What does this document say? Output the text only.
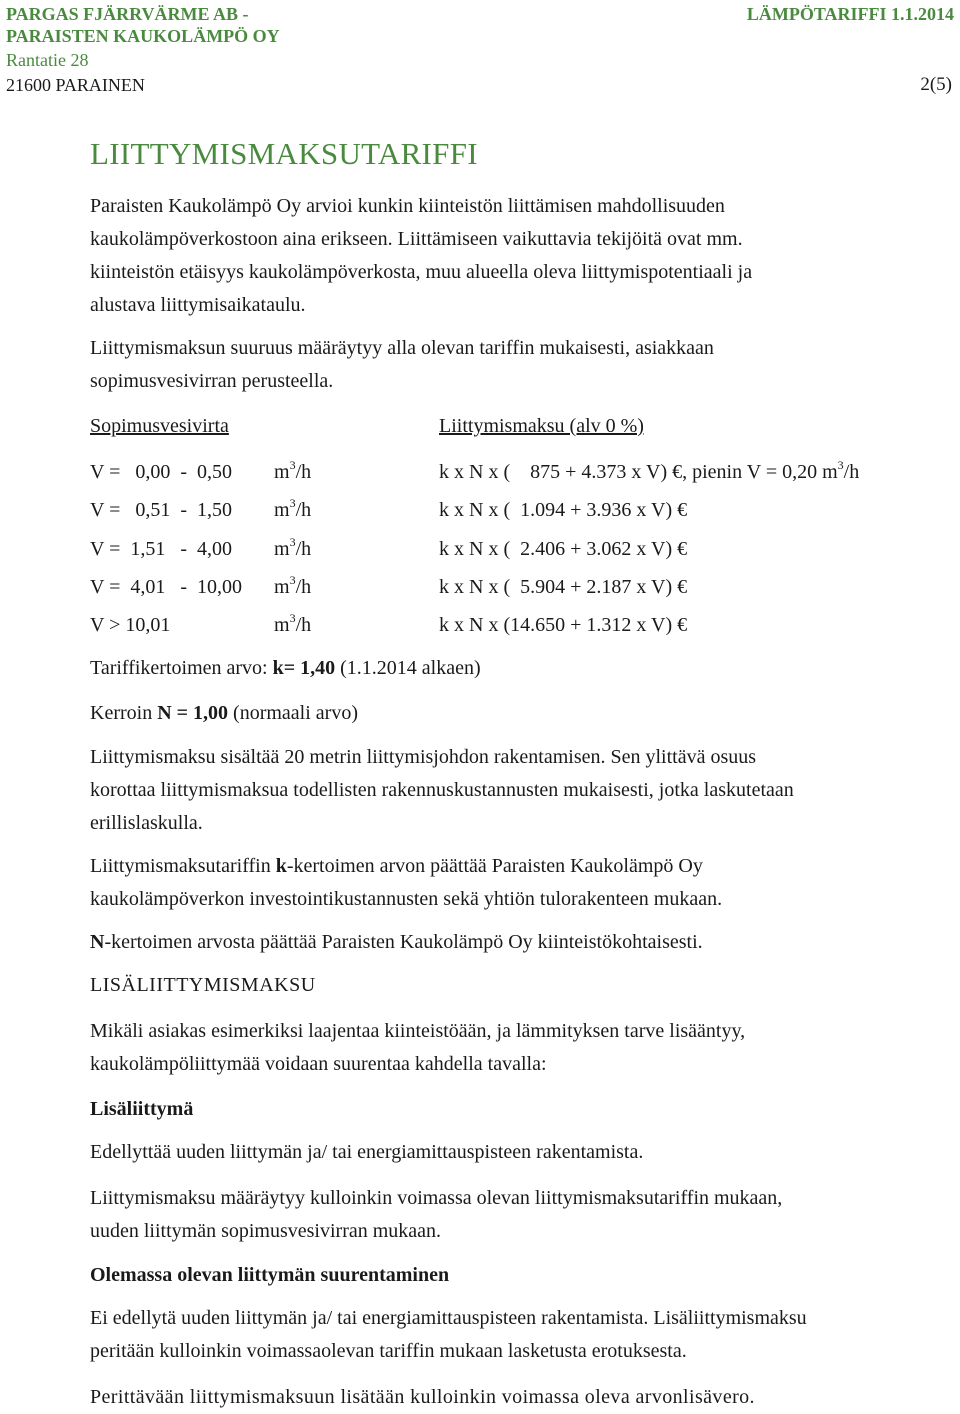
PARGAS FJÄRRVÄRME AB -
PARAISTEN KAUKOLÄMPÖ OY
Rantatie 28
21600 PARAINEN
LÄMPÖTARIFFI 1.1.2014
2(5)
LIITTYMISMAKSUTARIFFI
Paraisten Kaukolämpö Oy arvioi kunkin kiinteistön liittämisen mahdollisuuden
kaukolämpöverkostoon aina erikseen. Liittämiseen vaikuttavia tekijöitä ovat mm.
kiinteistön etäisyys kaukolämpöverkosta, muu alueella oleva liittymispotentiaali ja
alustava liittymisaikataulu.
Liittymismaksun suuruus määräytyy alla olevan tariffin mukaisesti, asiakkaan
sopimusvesivirran perusteella.
Sopimusvesivirta	Liittymismaksu (alv 0 %)
V =   0,00  -  0,50 $m^3/h$	k x N x (    875 + 4.373 x V) €, pienin V = 0,20 $m^3/h$
V =   0,51  -  1,50 $m^3/h$	k x N x (  1.094 + 3.936 x V) €
V =  1,51   -  4,00 $m^3/h$	k x N x (  2.406 + 3.062 x V) €
V =  4,01   -  10,00 $m^3/h$	k x N x (  5.904 + 2.187 x V) €
V > 10,01	$m^3/h$	k x N x (14.650 + 1.312 x V) €
Tariffikertoimen arvo: k= 1,40 (1.1.2014 alkaen)
Kerroin N = 1,00 (normaali arvo)
Liittymismaksu sisältää 20 metrin liittymisjohdon rakentamisen. Sen ylittävä osuus
korottaa liittymismaksua todellisten rakennuskustannusten mukaisesti, jotka laskutetaan
erillislaskulla.
Liittymismaksutariffin k-kertoimen arvon päättää Paraisten Kaukolämpö Oy
kaukolämpöverkon investointikustannusten sekä yhtiön tulorakenteen mukaan.
N-kertoimen arvosta päättää Paraisten Kaukolämpö Oy kiinteistökohtaisesti.
LISÄLIITTYMISMAKSU
Mikäli asiakas esimerkiksi laajentaa kiinteistöään, ja lämmityksen tarve lisääntyy,
kaukolämpöliittymää voidaan suurentaa kahdella tavalla:
Lisäliittymä
Edellyttää uuden liittymän ja/ tai energiamittauspisteen rakentamista.
Liittymismaksu määräytyy kulloinkin voimassa olevan liittymismaksutariffin mukaan,
uuden liittymän sopimusvesivirran mukaan.
Olemassa olevan liittymän suurentaminen
Ei edellytä uuden liittymän ja/ tai energiamittauspisteen rakentamista. Lisäliittymismaksu
peritään kulloinkin voimassaolevan tariffin mukaan lasketusta erotuksesta.
Perittävään liittymismaksuun lisätään kulloinkin voimassa oleva arvonlisävero.
